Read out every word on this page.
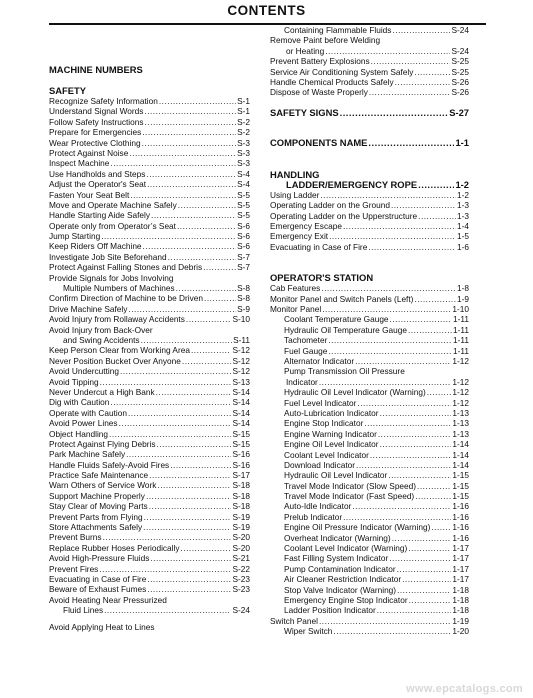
CONTENTS
MACHINE NUMBERS
SAFETY
Recognize Safety Information .....	S-1
Understand Signal Words .....	S-1
Follow Safety Instructions .....	S-2
Prepare for Emergencies .....	S-2
Wear Protective Clothing .....	S-3
Protect Against Noise .....	S-3
Inspect Machine .....	S-3
Use Handholds and Steps .....	S-4
Adjust the Operator's Seat .....	S-4
Fasten Your Seat Belt .....	S-5
Move and Operate Machine Safely .....	S-5
Handle Starting Aide Safely .....	S-5
Operate only from Operator’s Seat .....	S-6
Jump Starting .....	S-6
Keep Riders Off Machine .....	S-6
Investigate Job Site Beforehand .....	S-7
Protect Against Falling Stones and Debris .....	S-7
Provide Signals for Jobs Involving
Multiple Numbers of Machines .....	S-8
Confirm Direction of Machine to be Driven .....	S-8
Drive Machine Safely .....	S-9
Avoid Injury from Rollaway Accidents .....	S-10
Avoid Injury from Back-Over
and Swing Accidents .....	S-11
Keep Person Clear from Working Area .....	S-12
Never Position Bucket Over Anyone .....	S-12
Avoid Undercutting .....	S-12
Avoid Tipping .....	S-13
Never Undercut a High Bank .....	S-14
Dig with Caution .....	S-14
Operate with Caution .....	S-14
Avoid Power Lines .....	S-14
Object Handling .....	S-15
Protect Against Flying Debris .....	S-15
Park Machine Safely .....	S-16
Handle Fluids Safely-Avoid Fires .....	S-16
Practice Safe Maintenance .....	S-17
Warn Others of Service Work .....	S-18
Support Machine Properly .....	S-18
Stay Clear of Moving Parts .....	S-18
Prevent Parts from Flying .....	S-19
Store Attachments Safely .....	S-19
Prevent Burns .....	S-20
Replace Rubber Hoses Periodically .....	S-20
Avoid High-Pressure Fluids .....	S-21
Prevent Fires .....	S-22
Evacuating in Case of Fire .....	S-23
Beware of Exhaust Fumes .....	S-23
Avoid Heating Near Pressurized
Fluid Lines .....	S-24
Avoid Applying Heat to Lines
Containing Flammable Fluids .....	S-24
Remove Paint before Welding
or Heating .....	S-24
Prevent Battery Explosions .....	S-25
Service Air Conditioning System Safely .....	S-25
Handle Chemical Products Safely .....	S-26
Dispose of Waste Properly .....	S-26
SAFETY SIGNS .....	S-27
COMPONENTS NAME .....	1-1
HANDLING
LADDER/EMERGENCY ROPE .....	1-2
Using Ladder .....	1-2
Operating Ladder on the Ground .....	1-3
Operating Ladder on the Upperstructure .....	1-3
Emergency Escape .....	1-4
Emergency Exit .....	1-5
Evacuating in Case of Fire .....	1-6
OPERATOR'S STATION
Cab Features .....	1-8
Monitor Panel and Switch Panels (Left) .....	1-9
Monitor Panel .....	1-10
Coolant Temperature Gauge .....	1-11
Hydraulic Oil Temperature Gauge .....	1-11
Tachometer .....	1-11
Fuel Gauge .....	1-11
Alternator Indicator .....	1-12
Pump Transmission Oil Pressure
Indicator .....	1-12
Hydraulic Oil Level Indicator (Warning) .....	1-12
Fuel Level Indicator .....	1-12
Auto-Lubrication Indicator .....	1-13
Engine Stop Indicator .....	1-13
Engine Warning Indicator .....	1-13
Engine Oil Level Indicator .....	1-14
Coolant Level Indicator .....	1-14
Download Indicator .....	1-14
Hydraulic Oil Level Indicator .....	1-15
Travel Mode Indicator (Slow Speed) .....	1-15
Travel Mode Indicator (Fast Speed) .....	1-15
Auto-Idle Indicator .....	1-16
Prelub Indicator .....	1-16
Engine Oil Pressure Indicator (Warning) .....	1-16
Overheat Indicator (Warning) .....	1-16
Coolant Level Indicator (Warning) .....	1-17
Fast Filling System Indicator .....	1-17
Pump Contamination Indicator .....	1-17
Air Cleaner Restriction Indicator .....	1-17
Stop Valve Indicator (Warning) .....	1-18
Emergency Engine Stop Indicator .....	1-18
Ladder Position Indicator .....	1-18
Switch Panel .....	1-19
Wiper Switch .....	1-20
www.epcatalogs.com
